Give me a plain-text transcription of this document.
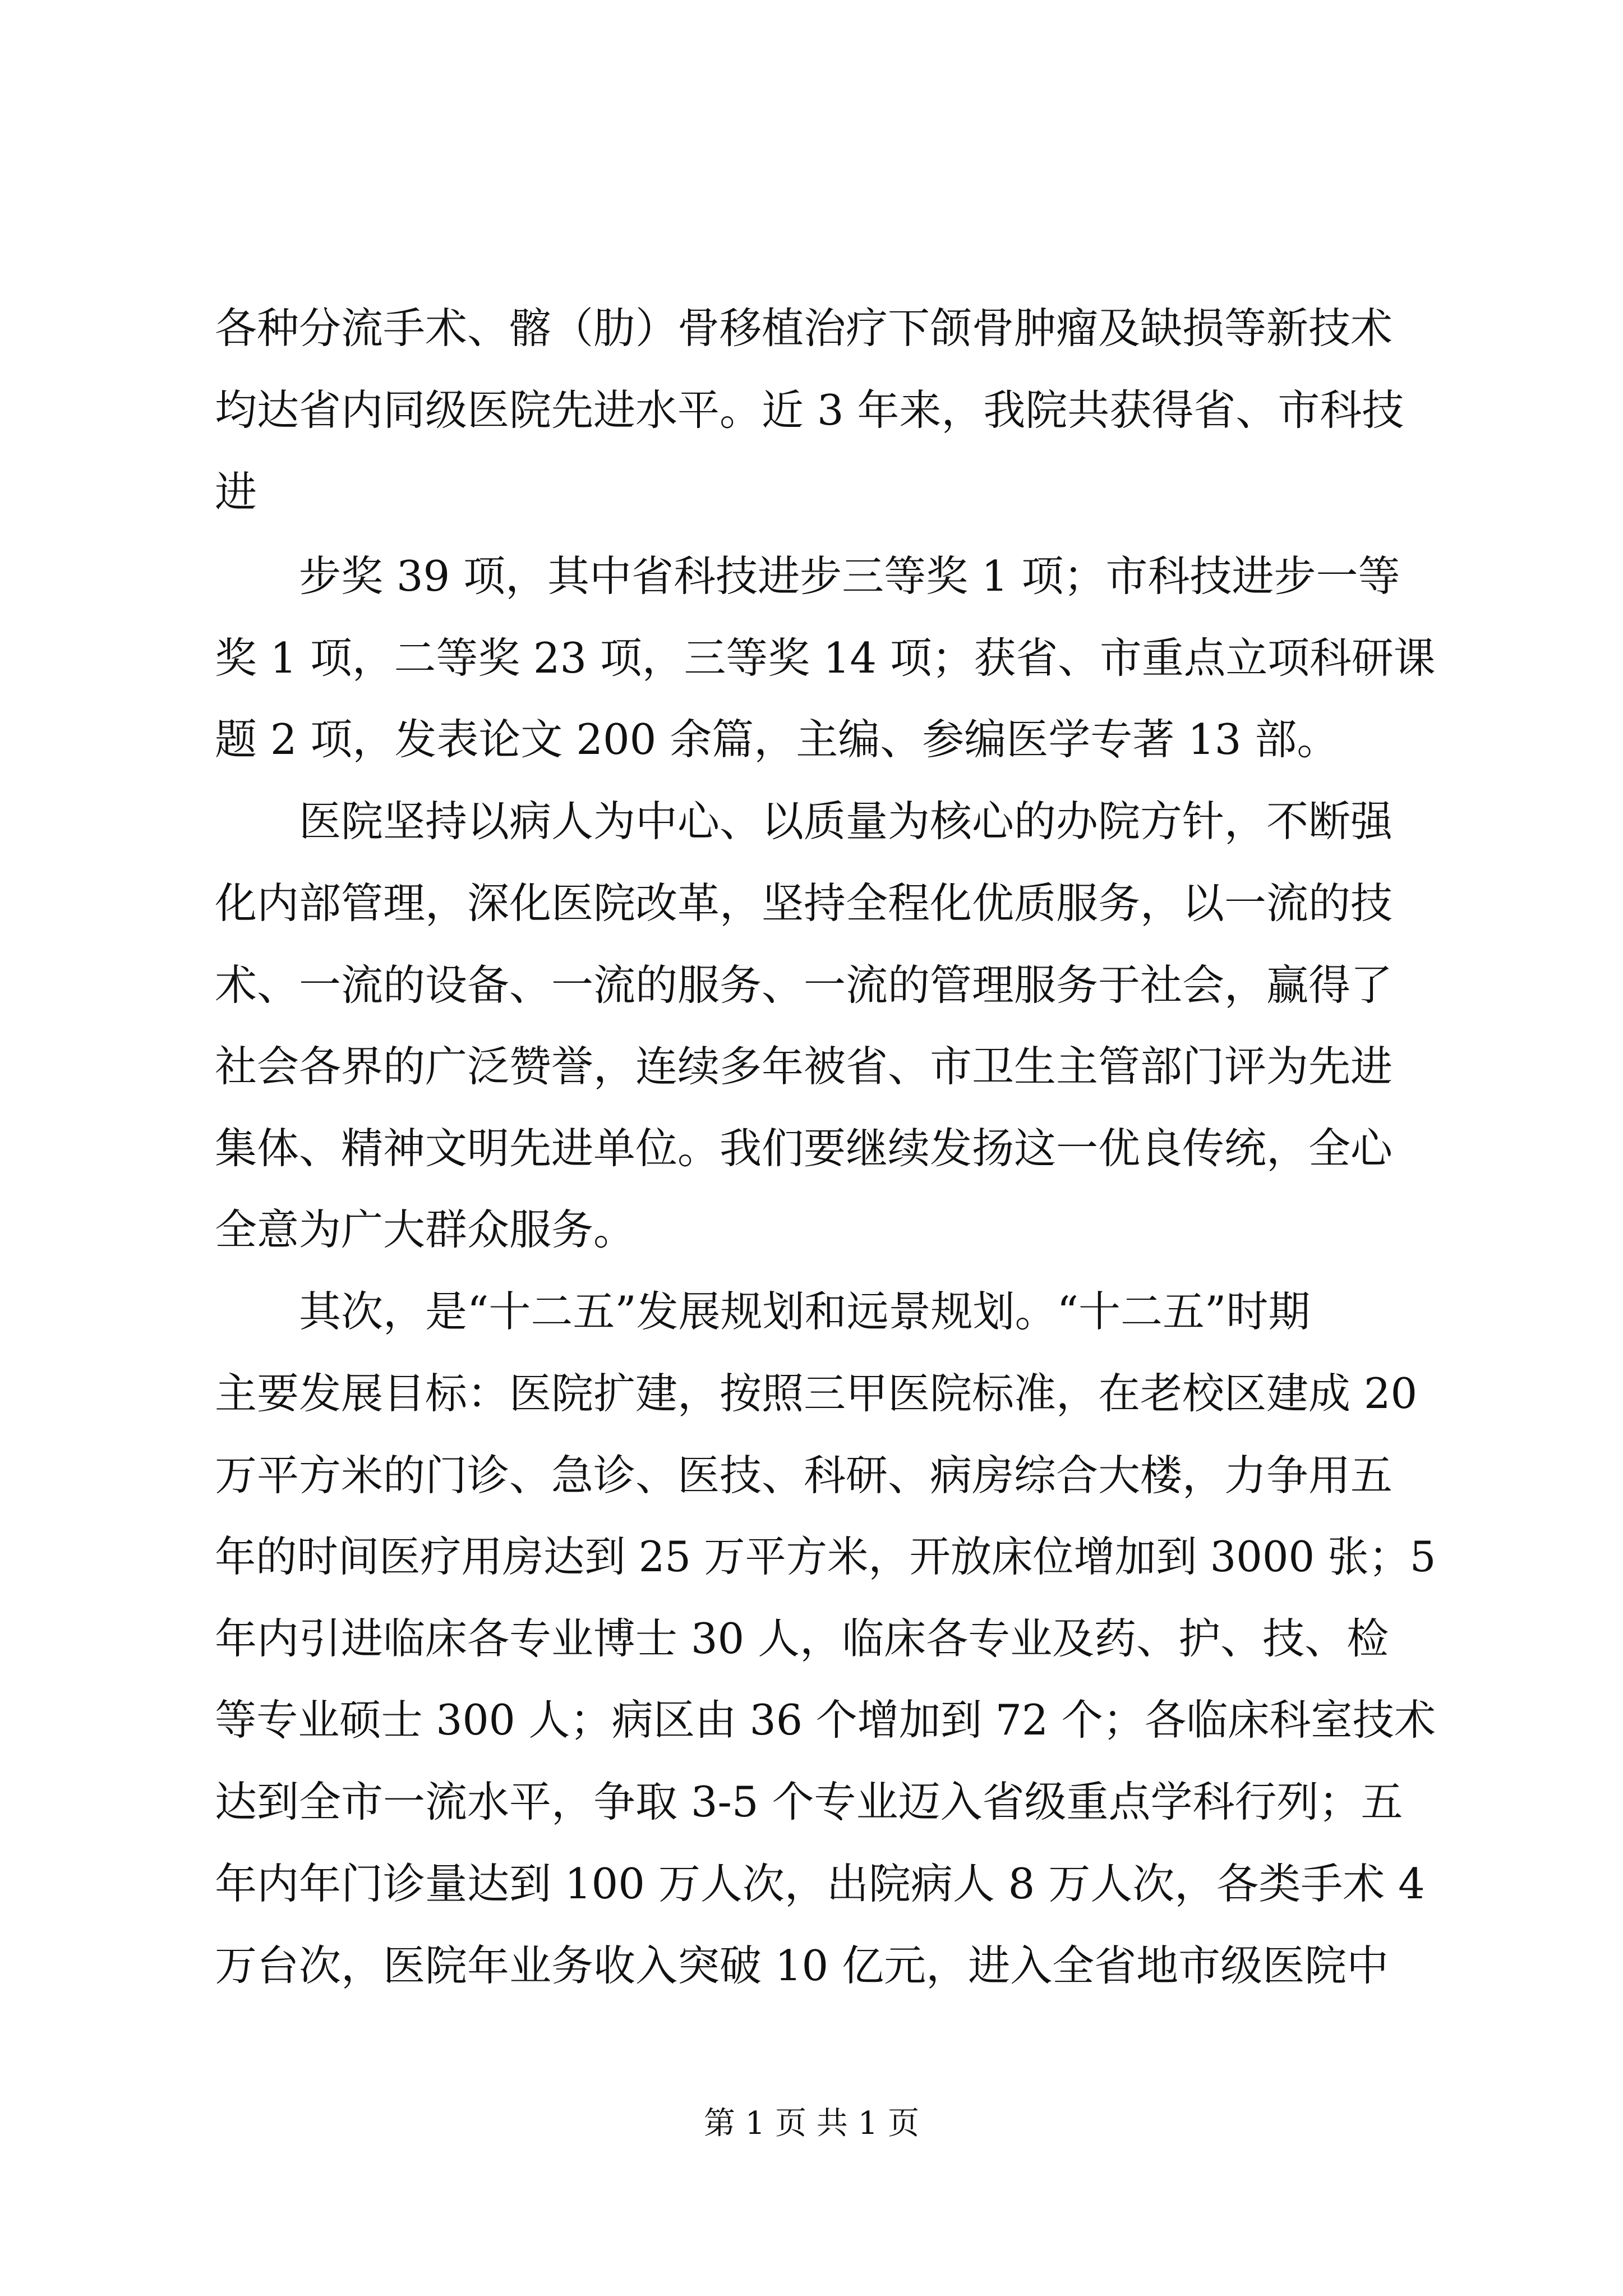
各种分流手术、髂（肋）骨移植治疗下颌骨肿瘤及缺损等新技术
均达省内同级医院先进水平。近 3 年来，我院共获得省、市科技
进
　　步奖 39 项，其中省科技进步三等奖 1 项；市科技进步一等
奖 1 项，二等奖 23 项，三等奖 14 项；获省、市重点立项科研课
题 2 项，发表论文 200 余篇，主编、参编医学专著 13 部。
　　医院坚持以病人为中心、以质量为核心的办院方针，不断强
化内部管理，深化医院改革，坚持全程化优质服务，以一流的技
术、一流的设备、一流的服务、一流的管理服务于社会，赢得了
社会各界的广泛赞誉，连续多年被省、市卫生主管部门评为先进
集体、精神文明先进单位。我们要继续发扬这一优良传统，全心
全意为广大群众服务。
　　其次，是“十二五”发展规划和远景规划。“十二五”时期
主要发展目标：医院扩建，按照三甲医院标准，在老校区建成 20
万平方米的门诊、急诊、医技、科研、病房综合大楼，力争用五
年的时间医疗用房达到 25 万平方米，开放床位增加到 3000 张；5
年内引进临床各专业博士 30 人，临床各专业及药、护、技、检
等专业硕士 300 人；病区由 36 个增加到 72 个；各临床科室技术
达到全市一流水平，争取 3-5 个专业迈入省级重点学科行列；五
年内年门诊量达到 100 万人次，出院病人 8 万人次，各类手术 4
万台次，医院年业务收入突破 10 亿元，进入全省地市级医院中
第 1 页 共 1 页
